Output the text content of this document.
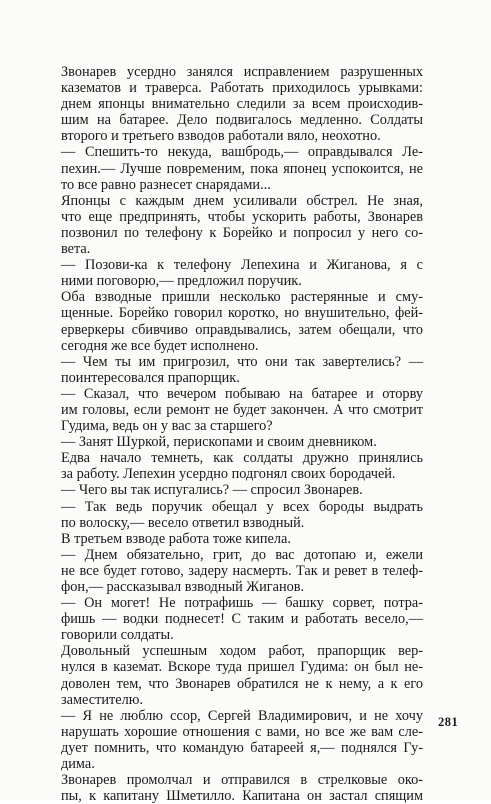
Звонарев усердно занялся исправлением разрушенных
казематов и траверса. Работать приходилось урывками:
днем японцы внимательно следили за всем происходив-
шим на батарее. Дело подвигалось медленно. Солдаты
второго и третьего взводов работали вяло, неохотно.
— Спешить-то некуда, вашбродь,— оправдывался Ле-
пехин.— Лучше повременим, пока японец успокоится, не
то все равно разнесет снарядами...
Японцы с каждым днем усиливали обстрел. Не зная,
что еще предпринять, чтобы ускорить работы, Звонарев
позвонил по телефону к Борейко и попросил у него со-
вета.
— Позови-ка к телефону Лепехина и Жиганова, я с
ними поговорю,— предложил поручик.
Оба взводные пришли несколько растерянные и сму-
щенные. Борейко говорил коротко, но внушительно, фей-
ерверкеры сбивчиво оправдывались, затем обещали, что
сегодня же все будет исполнено.
— Чем ты им пригрозил, что они так завертелись? —
поинтересовался прапорщик.
— Сказал, что вечером побываю на батарее и оторву
им головы, если ремонт не будет закончен. А что смотрит
Гудима, ведь он у вас за старшего?
— Занят Шуркой, перископами и своим дневником.
Едва начало темнеть, как солдаты дружно принялись
за работу. Лепехин усердно подгонял своих бородачей.
— Чего вы так испугались? — спросил Звонарев.
— Так ведь поручик обещал у всех бороды выдрать
по волоску,— весело ответил взводный.
В третьем взводе работа тоже кипела.
— Днем обязательно, грит, до вас дотопаю и, ежели
не все будет готово, задеру насмерть. Так и ревет в телеф-
фон,— рассказывал взводный Жиганов.
— Он могет! Не потрафишь — башку сорвет, потра-
фишь — водки поднесет! С таким и работать весело,—
говорили солдаты.
Довольный успешным ходом работ, прапорщик вер-
нулся в каземат. Вскоре туда пришел Гудима: он был не-
доволен тем, что Звонарев обратился не к нему, а к его
заместителю.
— Я не люблю ссор, Сергей Владимирович, и не хочу
нарушать хорошие отношения с вами, но все же вам сле-
дует помнить, что командую батареей я,— поднялся Гу-
дима.
Звонарев промолчал и отправился в стрелковые око-
пы, к капитану Шметилло. Капитана он застал спящим
281
